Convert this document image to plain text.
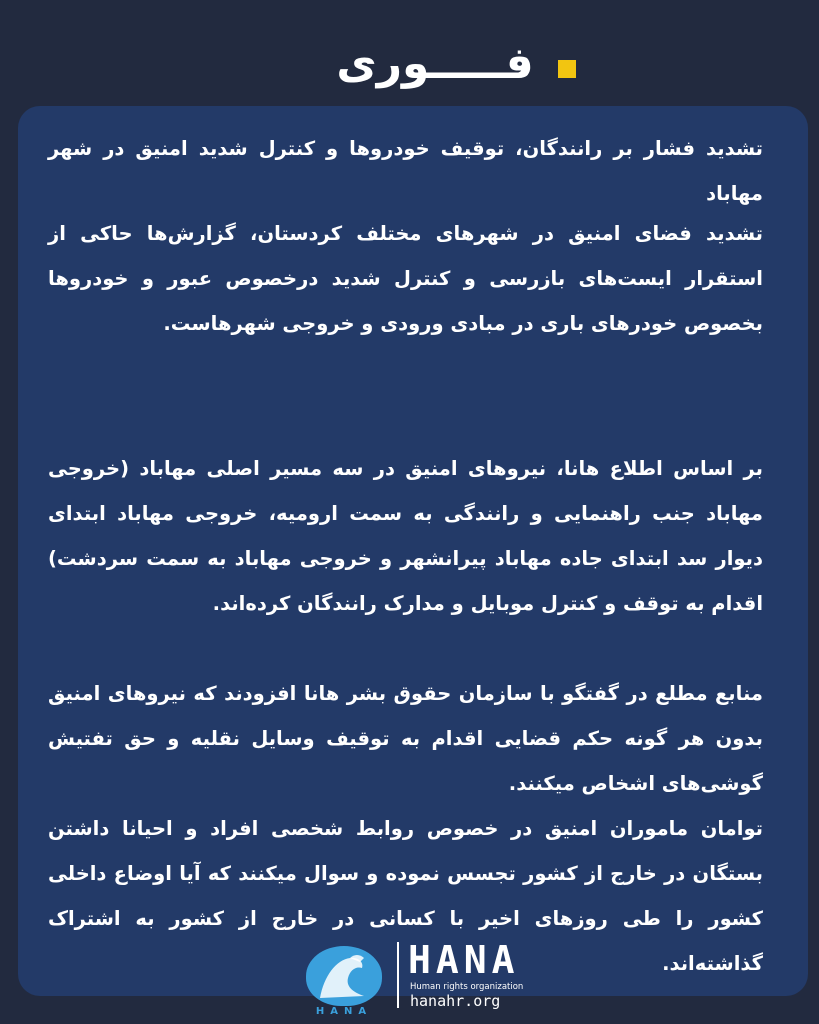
فـــــوری
تشدید فشار بر رانندگان، توقیف خودروها و کنترل شدید امنیق در شهر مهاباد
تشدید فضای امنیق در شهرهای مختلف کردستان، گزارش‌ها حاکی از استقرار ایست‌های بازرسی و کنترل شدید درخصوص عبور و خودروها بخصوص خودرهای باری در مبادی ورودی و خروجی شهرهاست.
بر اساس اطلاع هانا، نیروهای امنیق در سه مسیر اصلی مهاباد (خروجی مهاباد جنب راهنمایی و رانندگی به سمت ارومیه، خروجی مهاباد ابتدای دیوار سد ابتدای جاده مهاباد پیرانشهر و خروجی مهاباد به سمت سردشت) اقدام به توقف و کنترل موبایل و مدارک رانندگان کرده‌اند.
منابع مطلع در گفتگو با سازمان حقوق بشر هانا افزودند که نیروهای امنیق بدون هر گونه حکم قضایی اقدام به توقیف وسایل نقلیه و حق تفتیش گوشی‌های اشخاص میکنند.
توامان ماموران امنیق در خصوص روابط شخصی افراد و احیانا داشتن بستگان در خارج از کشور تجسس نموده و سوال میکنند که آیا اوضاع داخلی کشور را طی روزهای اخیر با کسانی در خارج از کشور به اشتراک گذاشته‌اند.
HANA
HANA
Human rights organization
hanahr.org
